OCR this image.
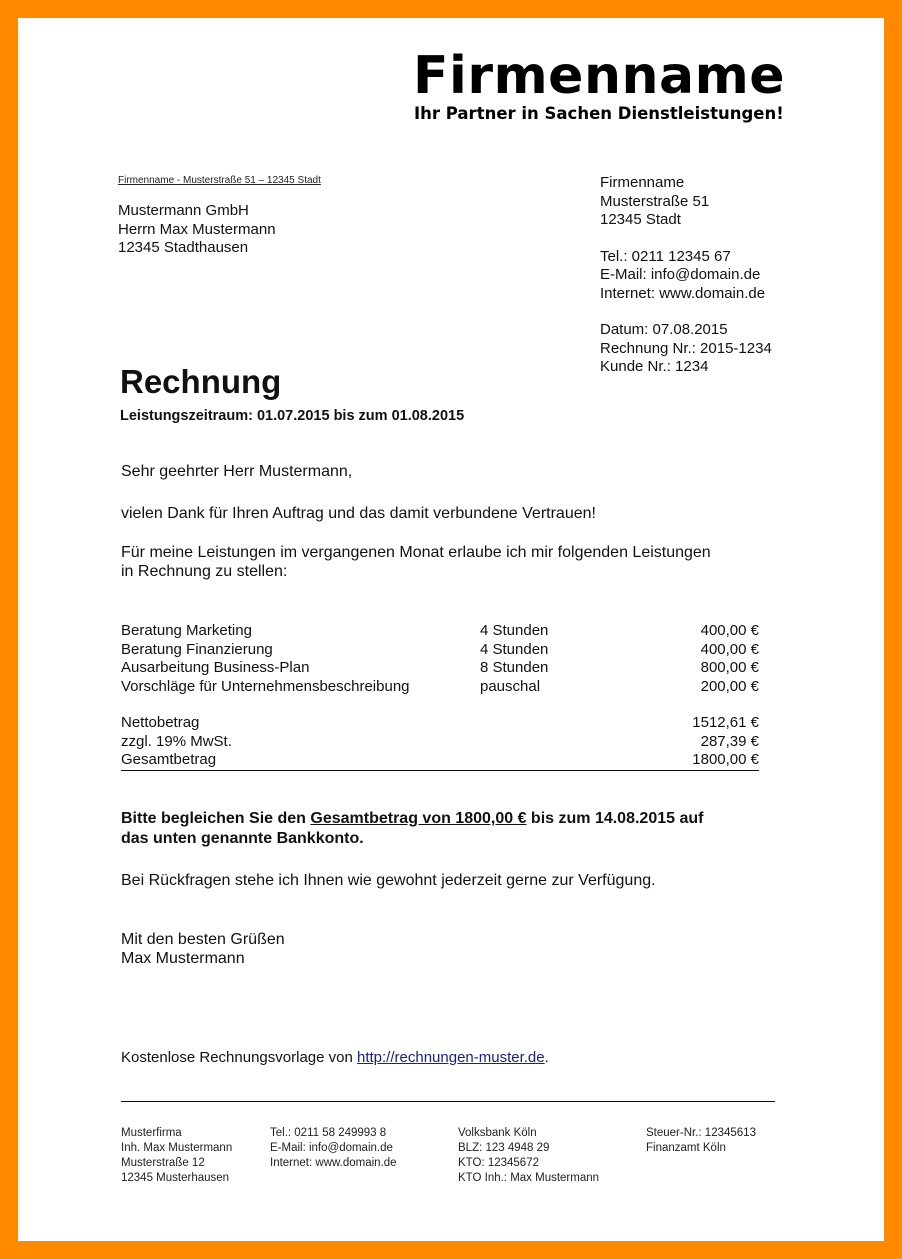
Firmenname
Ihr Partner in Sachen Dienstleistungen!
Firmenname - Musterstraße 51 – 12345 Stadt
Mustermann GmbH
Herrn Max Mustermann
12345 Stadthausen
Firmenname
Musterstraße 51
12345 Stadt
Tel.: 0211 12345 67
E-Mail: info@domain.de
Internet: www.domain.de
Datum: 07.08.2015
Rechnung Nr.: 2015-1234
Kunde Nr.: 1234
Rechnung
Leistungszeitraum: 01.07.2015 bis zum 01.08.2015
Sehr geehrter Herr Mustermann,
vielen Dank für Ihren Auftrag und das damit verbundene Vertrauen!
Für meine Leistungen im vergangenen Monat erlaube ich mir folgenden Leistungen
in Rechnung zu stellen:
Beratung Marketing	4 Stunden	400,00 €
Beratung Finanzierung	4 Stunden	400,00 €
Ausarbeitung Business-Plan	8 Stunden	800,00 €
Vorschläge für Unternehmensbeschreibung	pauschal	200,00 €
Nettobetrag	1512,61 €
zzgl. 19% MwSt.	287,39 €
Gesamtbetrag	1800,00 €
Bitte begleichen Sie den Gesamtbetrag von 1800,00 € bis zum 14.08.2015 auf
das unten genannte Bankkonto.
Bei Rückfragen stehe ich Ihnen wie gewohnt jederzeit gerne zur Verfügung.
Mit den besten Grüßen
Max Mustermann
Kostenlose Rechnungsvorlage von http://rechnungen-muster.de.
Musterfirma
Inh. Max Mustermann
Musterstraße 12
12345 Musterhausen
Tel.: 0211 58 249993 8
E-Mail: info@domain.de
Internet: www.domain.de
Volksbank Köln
BLZ: 123 4948 29
KTO: 12345672
KTO Inh.: Max Mustermann
Steuer-Nr.: 12345613
Finanzamt Köln
